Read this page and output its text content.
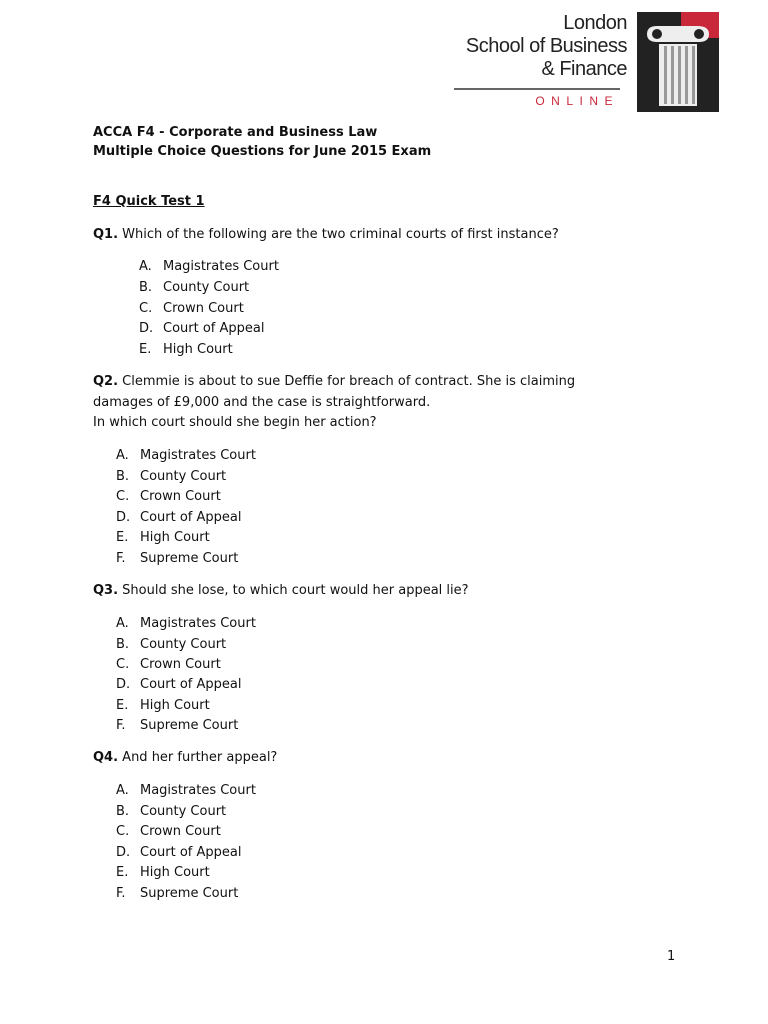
London
School of Business
& Finance
ONLINE
ACCA F4 - Corporate and Business Law
Multiple Choice Questions for June 2015 Exam
F4 Quick Test 1
Q1. Which of the following are the two criminal courts of first instance?
A. Magistrates Court
B. County Court
C. Crown Court
D. Court of Appeal
E. High Court
Q2. Clemmie is about to sue Deffie for breach of contract. She is claiming
damages of £9,000 and the case is straightforward.
In which court should she begin her action?
A. Magistrates Court
B. County Court
C. Crown Court
D. Court of Appeal
E. High Court
F. Supreme Court
Q3. Should she lose, to which court would her appeal lie?
A. Magistrates Court
B. County Court
C. Crown Court
D. Court of Appeal
E. High Court
F. Supreme Court
Q4. And her further appeal?
A. Magistrates Court
B. County Court
C. Crown Court
D. Court of Appeal
E. High Court
F. Supreme Court
1
